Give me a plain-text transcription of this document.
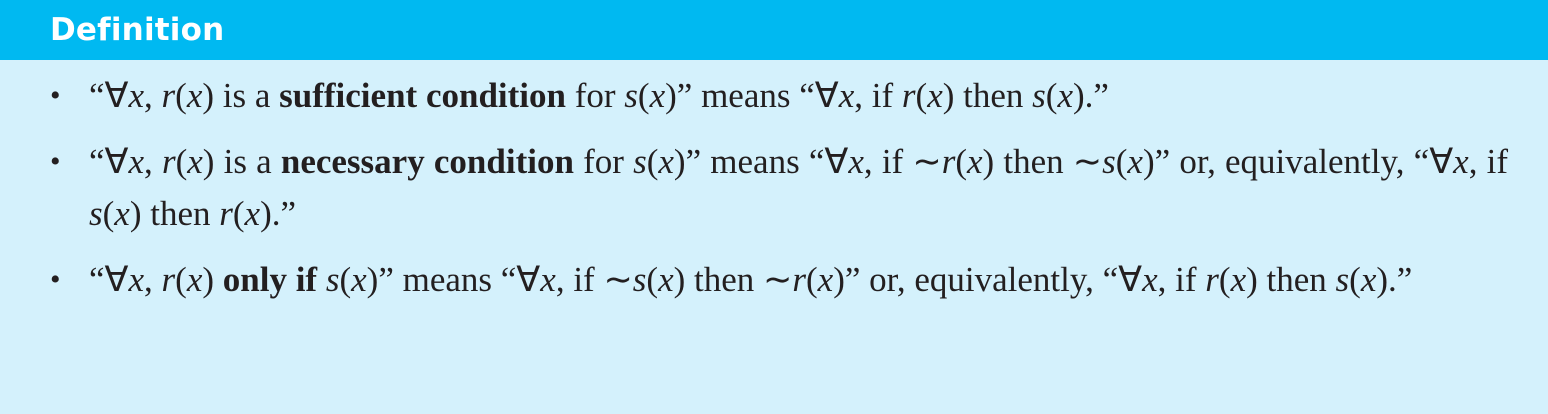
Definition
• “∀x, r(x) is a sufficient condition for s(x)” means “∀x, if r(x) then s(x).”
• “∀x, r(x) is a necessary condition for s(x)” means “∀x, if ∼r(x) then ∼s(x)” or, equivalently, “∀x, if s(x) then r(x).”
• “∀x, r(x) only if s(x)” means “∀x, if ∼s(x) then ∼r(x)” or, equivalently, “∀x, if r(x) then s(x).”
